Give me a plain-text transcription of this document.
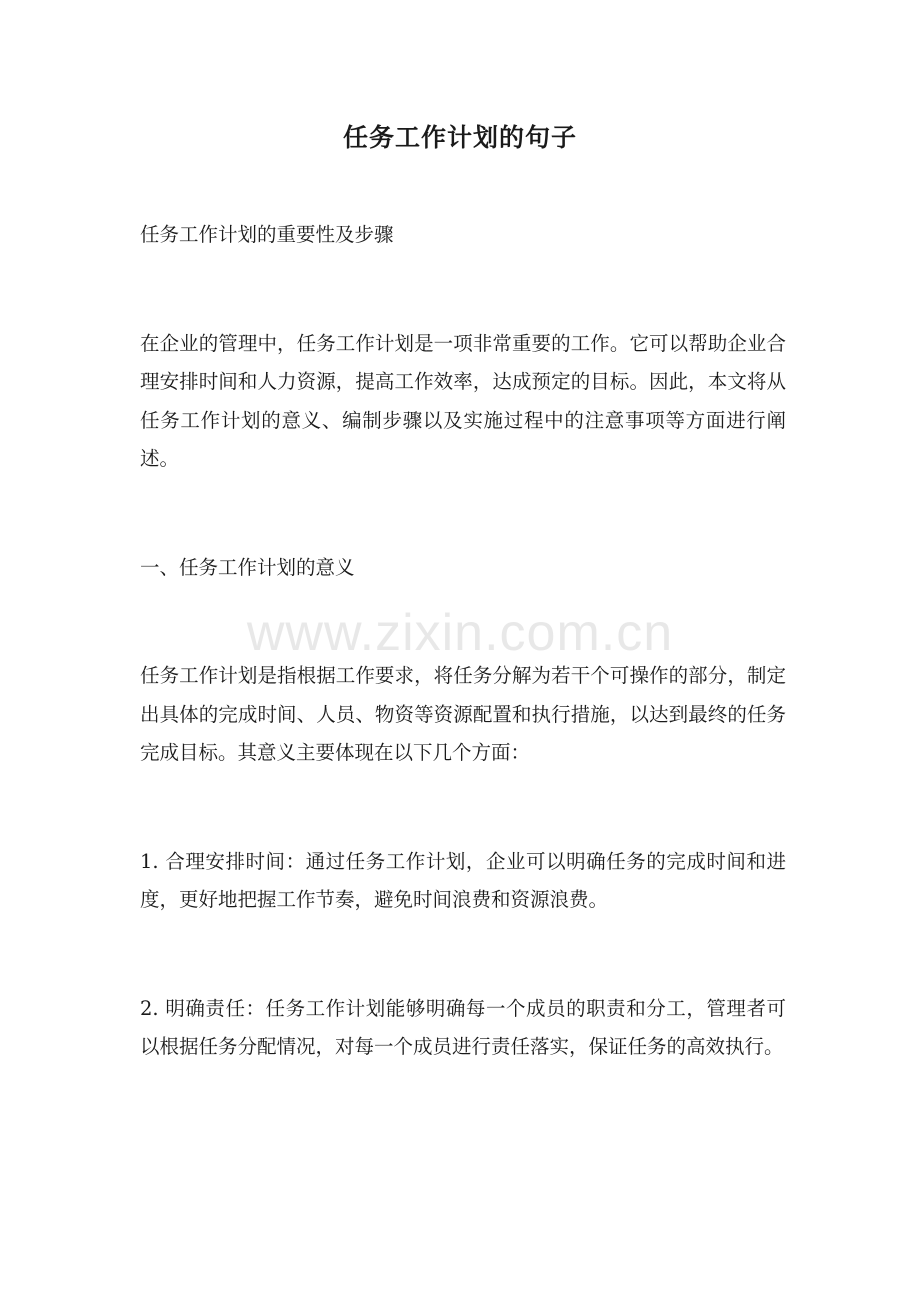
任务工作计划的句子

任务工作计划的重要性及步骤

在企业的管理中，任务工作计划是一项非常重要的工作。它可以帮助企业合理安排时间和人力资源，提高工作效率，达成预定的目标。因此，本文将从任务工作计划的意义、编制步骤以及实施过程中的注意事项等方面进行阐述。

一、任务工作计划的意义

任务工作计划是指根据工作要求，将任务分解为若干个可操作的部分，制定出具体的完成时间、人员、物资等资源配置和执行措施，以达到最终的任务完成目标。其意义主要体现在以下几个方面：

1. 合理安排时间：通过任务工作计划，企业可以明确任务的完成时间和进度，更好地把握工作节奏，避免时间浪费和资源浪费。

2. 明确责任：任务工作计划能够明确每一个成员的职责和分工，管理者可以根据任务分配情况，对每一个成员进行责任落实，保证任务的高效执行。

www.zixin.com.cn
